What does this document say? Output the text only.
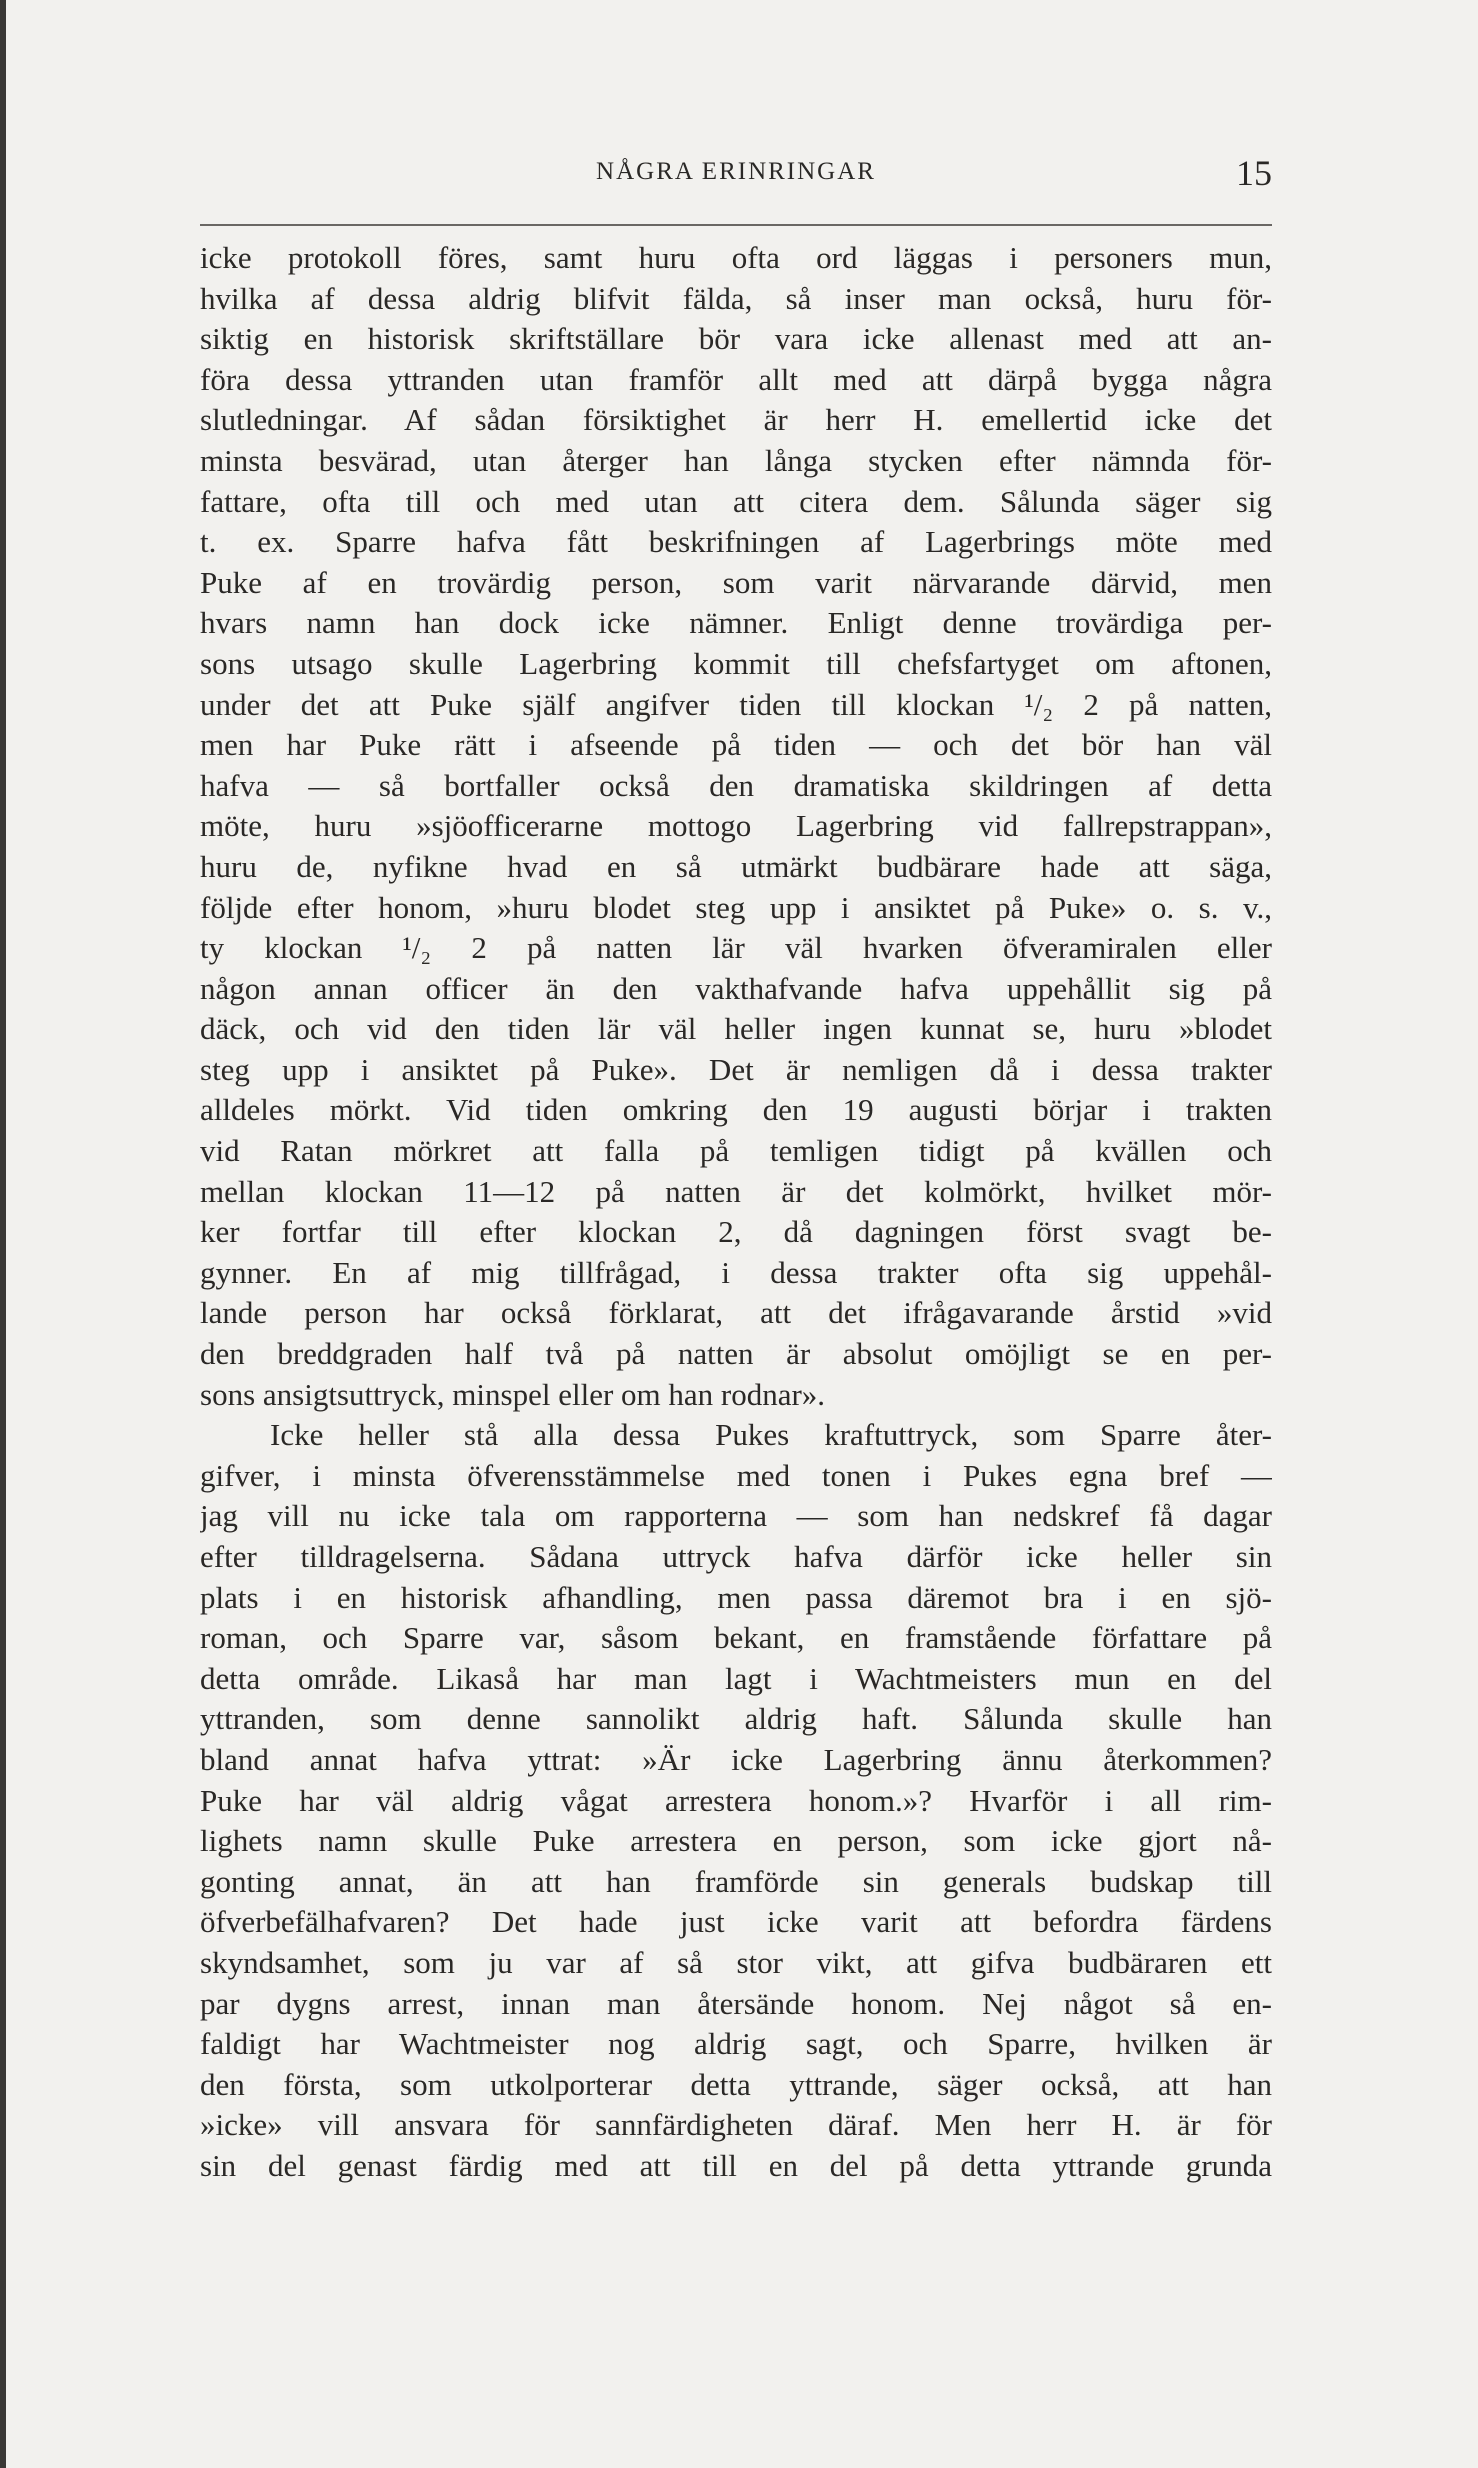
NÅGRA ERINRINGAR	15
icke protokoll föres, samt huru ofta ord läggas i personers mun,
hvilka af dessa aldrig blifvit fälda, så inser man också, huru för-
siktig en historisk skriftställare bör vara icke allenast med att an-
föra dessa yttranden utan framför allt med att därpå bygga några
slutledningar. Af sådan försiktighet är herr H. emellertid icke det
minsta besvärad, utan återger han långa stycken efter nämnda för-
fattare, ofta till och med utan att citera dem. Sålunda säger sig
t. ex. Sparre hafva fått beskrifningen af Lagerbrings möte med
Puke af en trovärdig person, som varit närvarande därvid, men
hvars namn han dock icke nämner. Enligt denne trovärdiga per-
sons utsago skulle Lagerbring kommit till chefsfartyget om aftonen,
under det att Puke själf angifver tiden till klockan ¹/₂ 2 på natten,
men har Puke rätt i afseende på tiden — och det bör han väl
hafva — så bortfaller också den dramatiska skildringen af detta
möte, huru »sjöofficerarne mottogo Lagerbring vid fallrepstrappan»,
huru de, nyfikne hvad en så utmärkt budbärare hade att säga,
följde efter honom, »huru blodet steg upp i ansiktet på Puke» o. s. v.,
ty klockan ¹/₂ 2 på natten lär väl hvarken öfveramiralen eller
någon annan officer än den vakthafvande hafva uppehållit sig på
däck, och vid den tiden lär väl heller ingen kunnat se, huru »blodet
steg upp i ansiktet på Puke». Det är nemligen då i dessa trakter
alldeles mörkt. Vid tiden omkring den 19 augusti börjar i trakten
vid Ratan mörkret att falla på temligen tidigt på kvällen och
mellan klockan 11—12 på natten är det kolmörkt, hvilket mör-
ker fortfar till efter klockan 2, då dagningen först svagt be-
gynner. En af mig tillfrågad, i dessa trakter ofta sig uppehål-
lande person har också förklarat, att det ifrågavarande årstid »vid
den breddgraden half två på natten är absolut omöjligt se en per-
sons ansigtsuttryck, minspel eller om han rodnar».
Icke heller stå alla dessa Pukes kraftuttryck, som Sparre åter-
gifver, i minsta öfverensstämmelse med tonen i Pukes egna bref —
jag vill nu icke tala om rapporterna — som han nedskref få dagar
efter tilldragelserna. Sådana uttryck hafva därför icke heller sin
plats i en historisk afhandling, men passa däremot bra i en sjö-
roman, och Sparre var, såsom bekant, en framstående författare på
detta område. Likaså har man lagt i Wachtmeisters mun en del
yttranden, som denne sannolikt aldrig haft. Sålunda skulle han
bland annat hafva yttrat: »Är icke Lagerbring ännu återkommen?
Puke har väl aldrig vågat arrestera honom.»? Hvarför i all rim-
lighets namn skulle Puke arrestera en person, som icke gjort nå-
gonting annat, än att han framförde sin generals budskap till
öfverbefälhafvaren? Det hade just icke varit att befordra färdens
skyndsamhet, som ju var af så stor vikt, att gifva budbäraren ett
par dygns arrest, innan man återsände honom. Nej något så en-
faldigt har Wachtmeister nog aldrig sagt, och Sparre, hvilken är
den första, som utkolporterar detta yttrande, säger också, att han
»icke» vill ansvara för sannfärdigheten däraf. Men herr H. är för
sin del genast färdig med att till en del på detta yttrande grunda
